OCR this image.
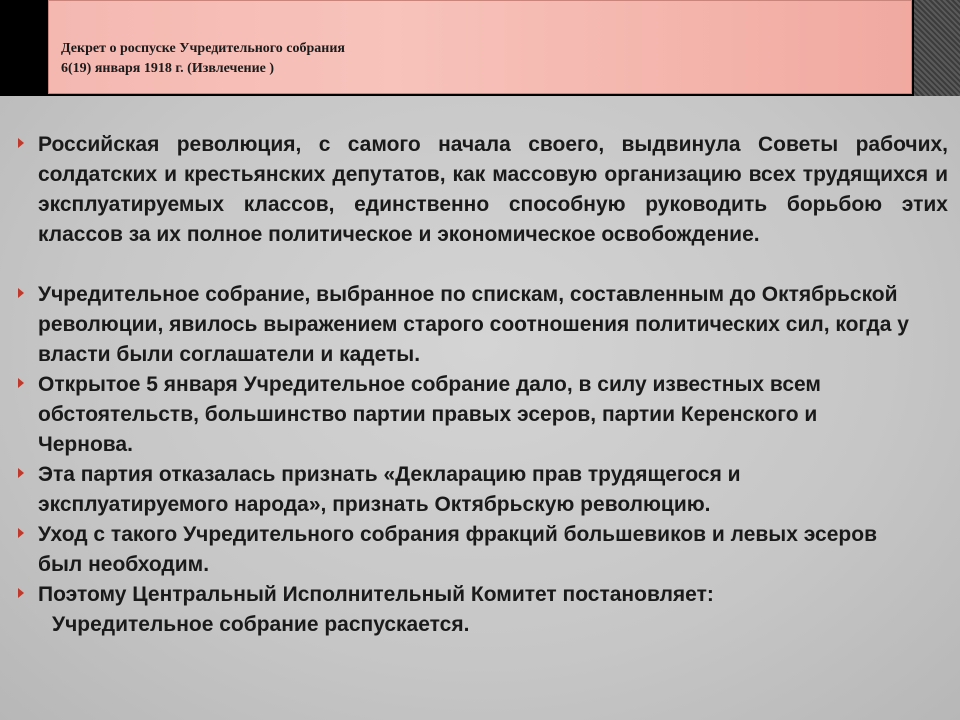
Декрет о роспуске Учредительного собрания
6(19) января 1918 г. (Извлечение )
Российская революция, с самого начала своего, выдвинула Советы рабочих, солдатских и крестьянских депутатов, как массовую организацию всех трудящихся и эксплуатируемых классов, единственно способную руководить борьбою этих классов за их полное политическое и экономическое освобождение.
Учредительное собрание, выбранное по спискам, составленным до Октябрьской революции, явилось выражением старого соотношения политических сил, когда у власти были соглашатели и кадеты.
Открытое 5 января Учредительное собрание дало, в силу известных всем обстоятельств, большинство партии правых эсеров, партии Керенского и Чернова.
Эта партия отказалась признать «Декларацию прав трудящегося и эксплуатируемого народа», признать Октябрьскую революцию.
Уход с такого Учредительного собрания фракций большевиков и левых эсеров был необходим.
Поэтому Центральный Исполнительный Комитет постановляет:
Учредительное собрание распускается.
